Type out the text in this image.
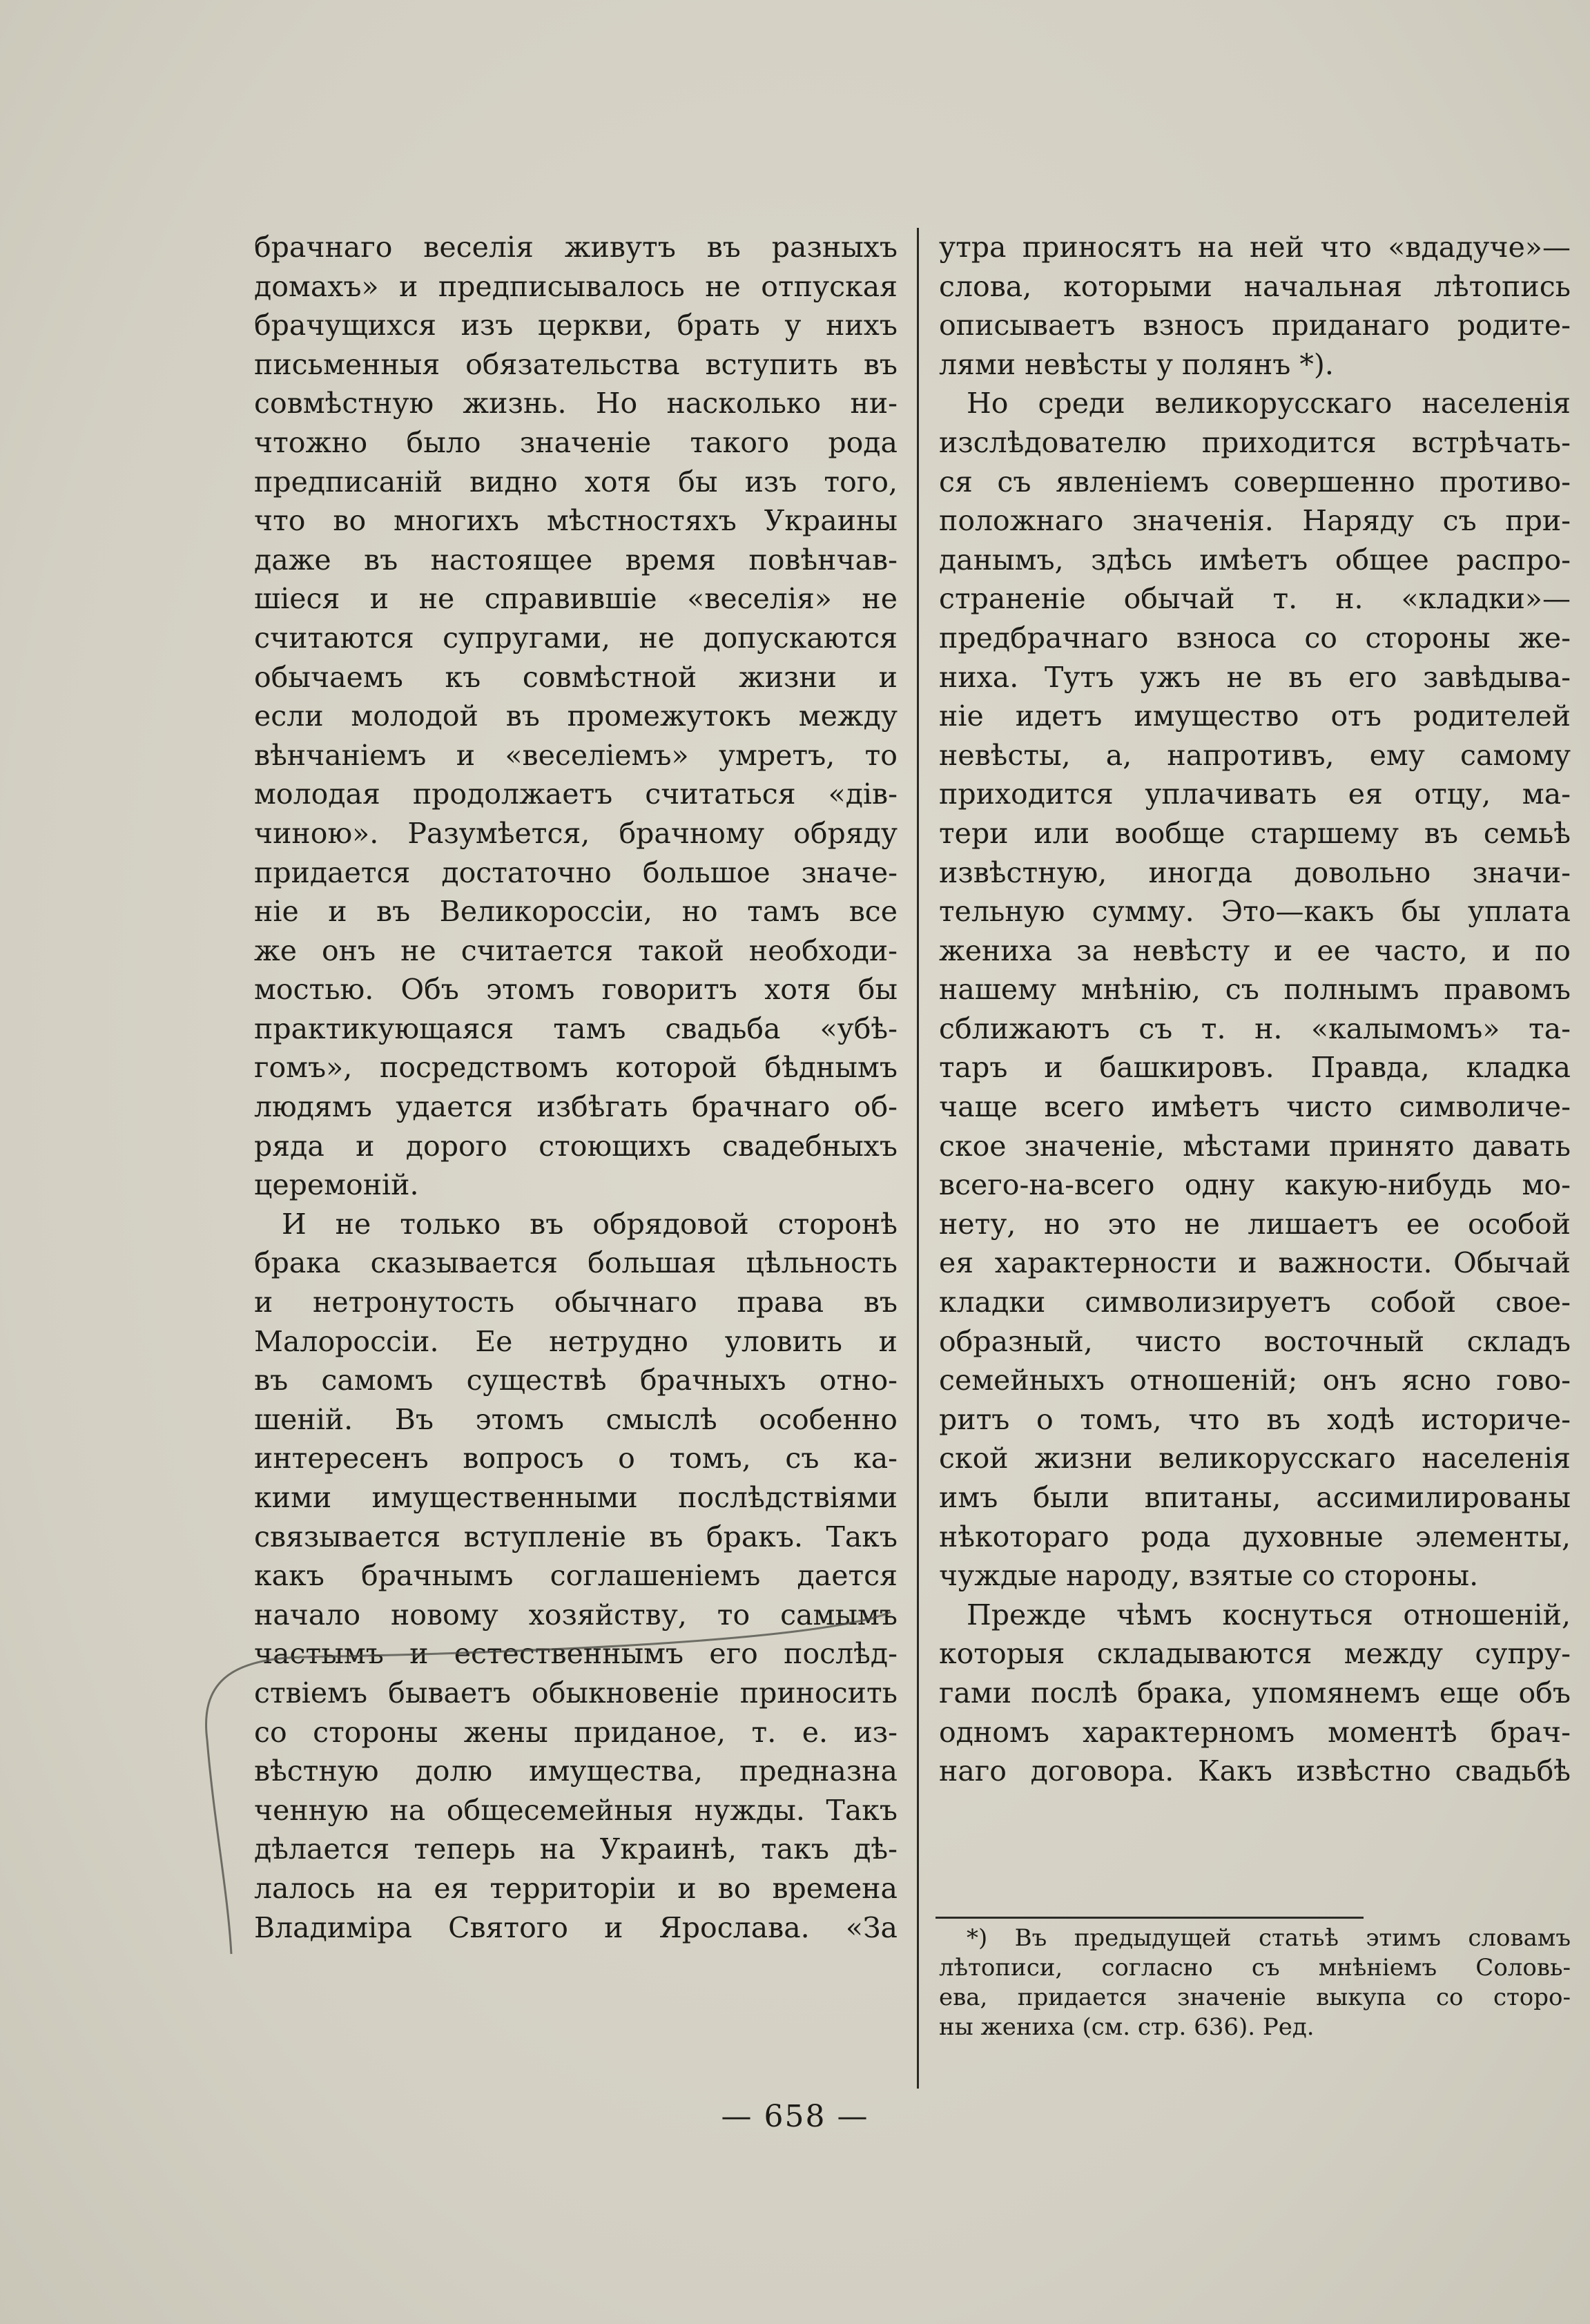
брачнаго веселія живутъ въ разныхъ
домахъ» и предписывалось не отпуская
брачущихся изъ церкви, брать у нихъ
письменныя обязательства вступить въ
совмѣстную жизнь. Но насколько ни-
чтожно было значеніе такого рода
предписаній видно хотя бы изъ того,
что во многихъ мѣстностяхъ Украины
даже въ настоящее время повѣнчав-
шіеся и не справившіе «веселія» не
считаются супругами, не допускаются
обычаемъ къ совмѣстной жизни и
если молодой въ промежутокъ между
вѣнчаніемъ и «веселіемъ» умретъ, то
молодая продолжаетъ считаться «дів-
чиною». Разумѣется, брачному обряду
придается достаточно большое значе-
ніе и въ Великороссіи, но тамъ все
же онъ не считается такой необходи-
мостью. Объ этомъ говоритъ хотя бы
практикующаяся тамъ свадьба «убѣ-
гомъ», посредствомъ которой бѣднымъ
людямъ удается избѣгать брачнаго об-
ряда и дорого стоющихъ свадебныхъ
церемоній.
И не только въ обрядовой сторонѣ
брака сказывается большая цѣльность
и нетронутость обычнаго права въ
Малороссіи. Ее нетрудно уловить и
въ самомъ существѣ брачныхъ отно-
шеній. Въ этомъ смыслѣ особенно
интересенъ вопросъ о томъ, съ ка-
кими имущественными послѣдствіями
связывается вступленіе въ бракъ. Такъ
какъ брачнымъ соглашеніемъ дается
начало новому хозяйству, то самымъ
частымъ и естественнымъ его послѣд-
ствіемъ бываетъ обыкновеніе приносить
со стороны жены приданое, т. е. из-
вѣстную долю имущества, предназна
ченную на общесемейныя нужды. Такъ
дѣлается теперь на Украинѣ, такъ дѣ-
лалось на ея территоріи и во времена
Владиміра Святого и Ярослава. «За
утра приносятъ на ней что «вдадуче»—
слова, которыми начальная лѣтопись
описываетъ взносъ приданаго родите-
лями невѣсты у полянъ *).
Но среди великорусскаго населенія
изслѣдователю приходится встрѣчать-
ся съ явленіемъ совершенно противо-
положнаго значенія. Наряду съ при-
данымъ, здѣсь имѣетъ общее распро-
страненіе обычай т. н. «кладки»—
предбрачнаго взноса со стороны же-
ниха. Тутъ ужъ не въ его завѣдыва-
ніе идетъ имущество отъ родителей
невѣсты, а, напротивъ, ему самому
приходится уплачивать ея отцу, ма-
тери или вообще старшему въ семьѣ
извѣстную, иногда довольно значи-
тельную сумму. Это—какъ бы уплата
жениха за невѣсту и ее часто, и по
нашему мнѣнію, съ полнымъ правомъ
сближаютъ съ т. н. «калымомъ» та-
таръ и башкировъ. Правда, кладка
чаще всего имѣетъ чисто символиче-
ское значеніе, мѣстами принято давать
всего-на-всего одну какую-нибудь мо-
нету, но это не лишаетъ ее особой
ея характерности и важности. Обычай
кладки символизируетъ собой свое-
образный, чисто восточный складъ
семейныхъ отношеній; онъ ясно гово-
ритъ о томъ, что въ ходѣ историче-
ской жизни великорусскаго населенія
имъ были впитаны, ассимилированы
нѣкотораго рода духовные элементы,
чуждые народу, взятые со стороны.
Прежде чѣмъ коснуться отношеній,
которыя складываются между супру-
гами послѣ брака, упомянемъ еще объ
одномъ характерномъ моментѣ брач-
наго договора. Какъ извѣстно свадьбѣ
*) Въ предыдущей статьѣ этимъ словамъ
лѣтописи, согласно съ мнѣніемъ Соловь-
ева, придается значеніе выкупа со сторо-
ны жениха (см. стр. 636). Ред.
— 658 —
